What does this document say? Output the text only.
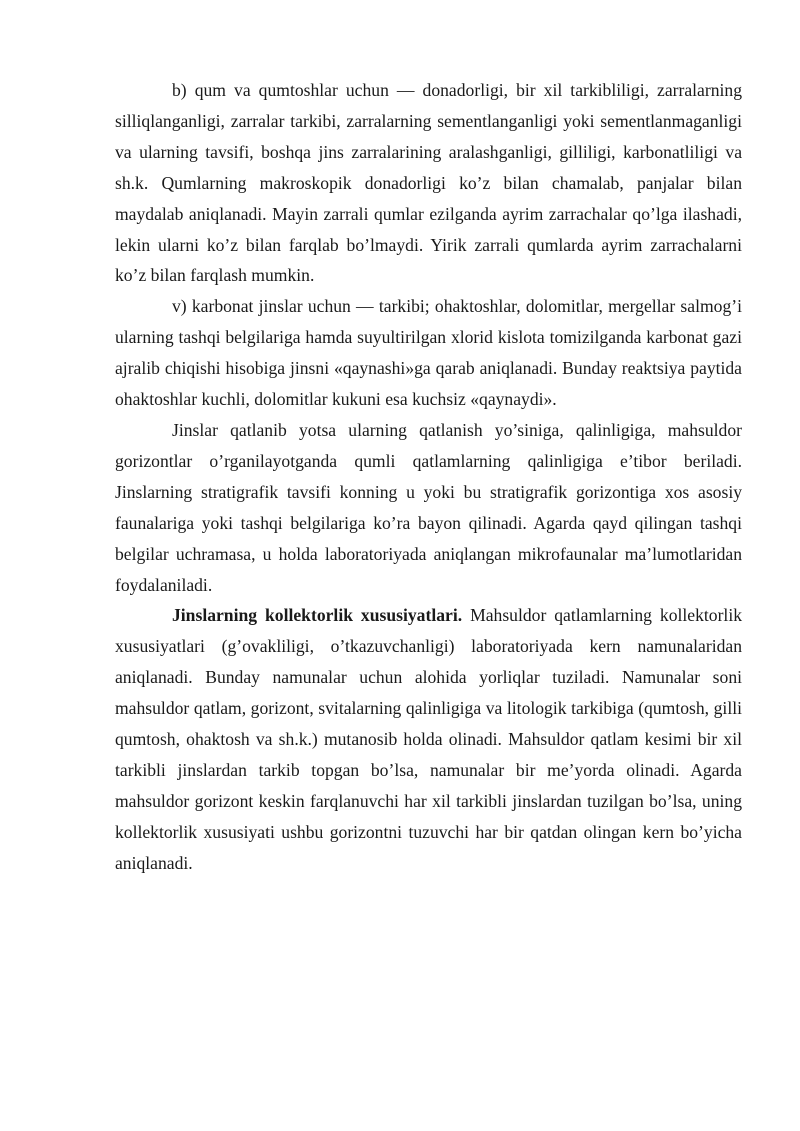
b) qum va qumtoshlar uchun — donadorligi, bir xil tarkibliligi, zarralarning silliqlanganligi, zarralar tarkibi, zarralarning sementlanganligi yoki sementlanmaganligi va ularning tavsifi, boshqa jins zarralarining aralashganligi, gilliligi, karbonatliligi va sh.k. Qumlarning makroskopik donadorligi ko’z bilan chamalab, panjalar bilan maydalab aniqlanadi. Mayin zarrali qumlar ezilganda ayrim zarrachalar qo’lga ilashadi, lekin ularni ko’z bilan farqlab bo’lmaydi. Yirik zarrali qumlarda ayrim zarrachalarni ko’z bilan farqlash mumkin.

v) karbonat jinslar uchun — tarkibi; ohaktoshlar, dolomitlar, mergellar salmog’i ularning tashqi belgilariga hamda suyultirilgan xlorid kislota tomizilganda karbonat gazi ajralib chiqishi hisobiga jinsni «qaynashi»ga qarab aniqlanadi. Bunday reaktsiya paytida ohaktoshlar kuchli, dolomitlar kukuni esa kuchsiz «qaynaydi».

Jinslar qatlanib yotsa ularning qatlanish yo’siniga, qalinligiga, mahsuldor gorizontlar o’rganilayotganda qumli qatlamlarning qalinligiga e’tibor beriladi. Jinslarning stratigrafik tavsifi konning u yoki bu stratigrafik gorizontiga xos asosiy faunalariga yoki tashqi belgilariga ko’ra bayon qilinadi. Agarda qayd qilingan tashqi belgilar uchramasa, u holda laboratoriyada aniqlangan mikrofaunalar ma’lumotlaridan foydalaniladi.

Jinslarning kollektorlik xususiyatlari. Mahsuldor qatlamlarning kollektorlik xususiyatlari (g’ovakliligi, o’tkazuvchanligi) laboratoriyada kern namunalaridan aniqlanadi. Bunday namunalar uchun alohida yorliqlar tuziladi. Namunalar soni mahsuldor qatlam, gorizont, svitalarning qalinligiga va litologik tarkibiga (qumtosh, gilli qumtosh, ohaktosh va sh.k.) mutanosib holda olinadi. Mahsuldor qatlam kesimi bir xil tarkibli jinslardan tarkib topgan bo’lsa, namunalar bir me’yorda olinadi. Agarda mahsuldor gorizont keskin farqlanuvchi har xil tarkibli jinslardan tuzilgan bo’lsa, uning kollektorlik xususiyati ushbu gorizontni tuzuvchi har bir qatdan olingan kern bo’yicha aniqlanadi.
